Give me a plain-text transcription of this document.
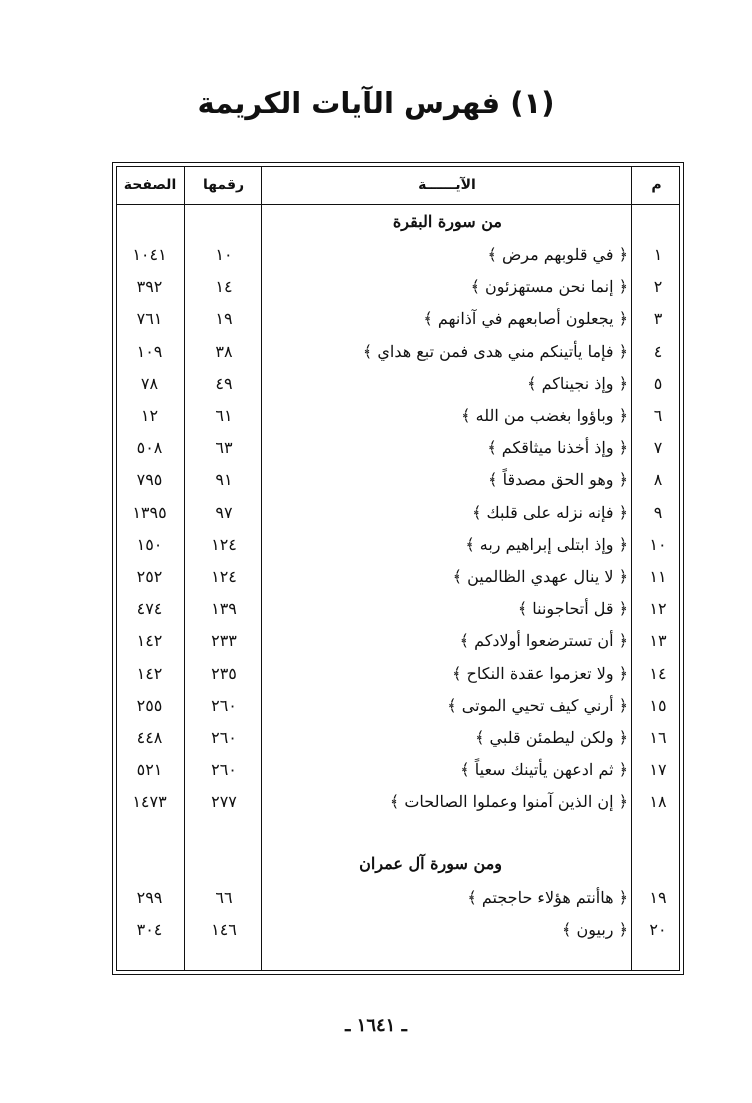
(١) فهرس الآيات الكريمة
م
الآيــــــة
رقمها
الصفحة
من سورة البقرة
ومن سورة آل عمران
١
﴿ في قلوبهم مرض ﴾
١٠
١٠٤١
٢
﴿ إنما نحن مستهزئون ﴾
١٤
٣٩٢
٣
﴿ يجعلون أصابعهم في آذانهم ﴾
١٩
٧٦١
٤
﴿ فإما يأتينكم مني هدى فمن تبع هداي ﴾
٣٨
١٠٩
٥
﴿ وإذ نجيناكم ﴾
٤٩
٧٨
٦
﴿ وباؤوا بغضب من الله ﴾
٦١
١٢
٧
﴿ وإذ أخذنا ميثاقكم ﴾
٦٣
٥٠٨
٨
﴿ وهو الحق مصدقاً ﴾
٩١
٧٩٥
٩
﴿ فإنه نزله على قلبك ﴾
٩٧
١٣٩٥
١٠
﴿ وإذ ابتلى إبراهيم ربه ﴾
١٢٤
١٥٠
١١
﴿ لا ينال عهدي الظالمين ﴾
١٢٤
٢٥٢
١٢
﴿ قل أتحاجوننا ﴾
١٣٩
٤٧٤
١٣
﴿ أن تسترضعوا أولادكم ﴾
٢٣٣
١٤٢
١٤
﴿ ولا تعزموا عقدة النكاح ﴾
٢٣٥
١٤٢
١٥
﴿ أرني كيف تحيي الموتى ﴾
٢٦٠
٢٥٥
١٦
﴿ ولكن ليطمئن قلبي ﴾
٢٦٠
٤٤٨
١٧
﴿ ثم ادعهن يأتينك سعياً ﴾
٢٦٠
٥٢١
١٨
﴿ إن الذين آمنوا وعملوا الصالحات ﴾
٢٧٧
١٤٧٣
١٩
﴿ هاأنتم هؤلاء حاججتم ﴾
٦٦
٢٩٩
٢٠
﴿ ربيون ﴾
١٤٦
٣٠٤
ـ ١٦٤١ ـ
